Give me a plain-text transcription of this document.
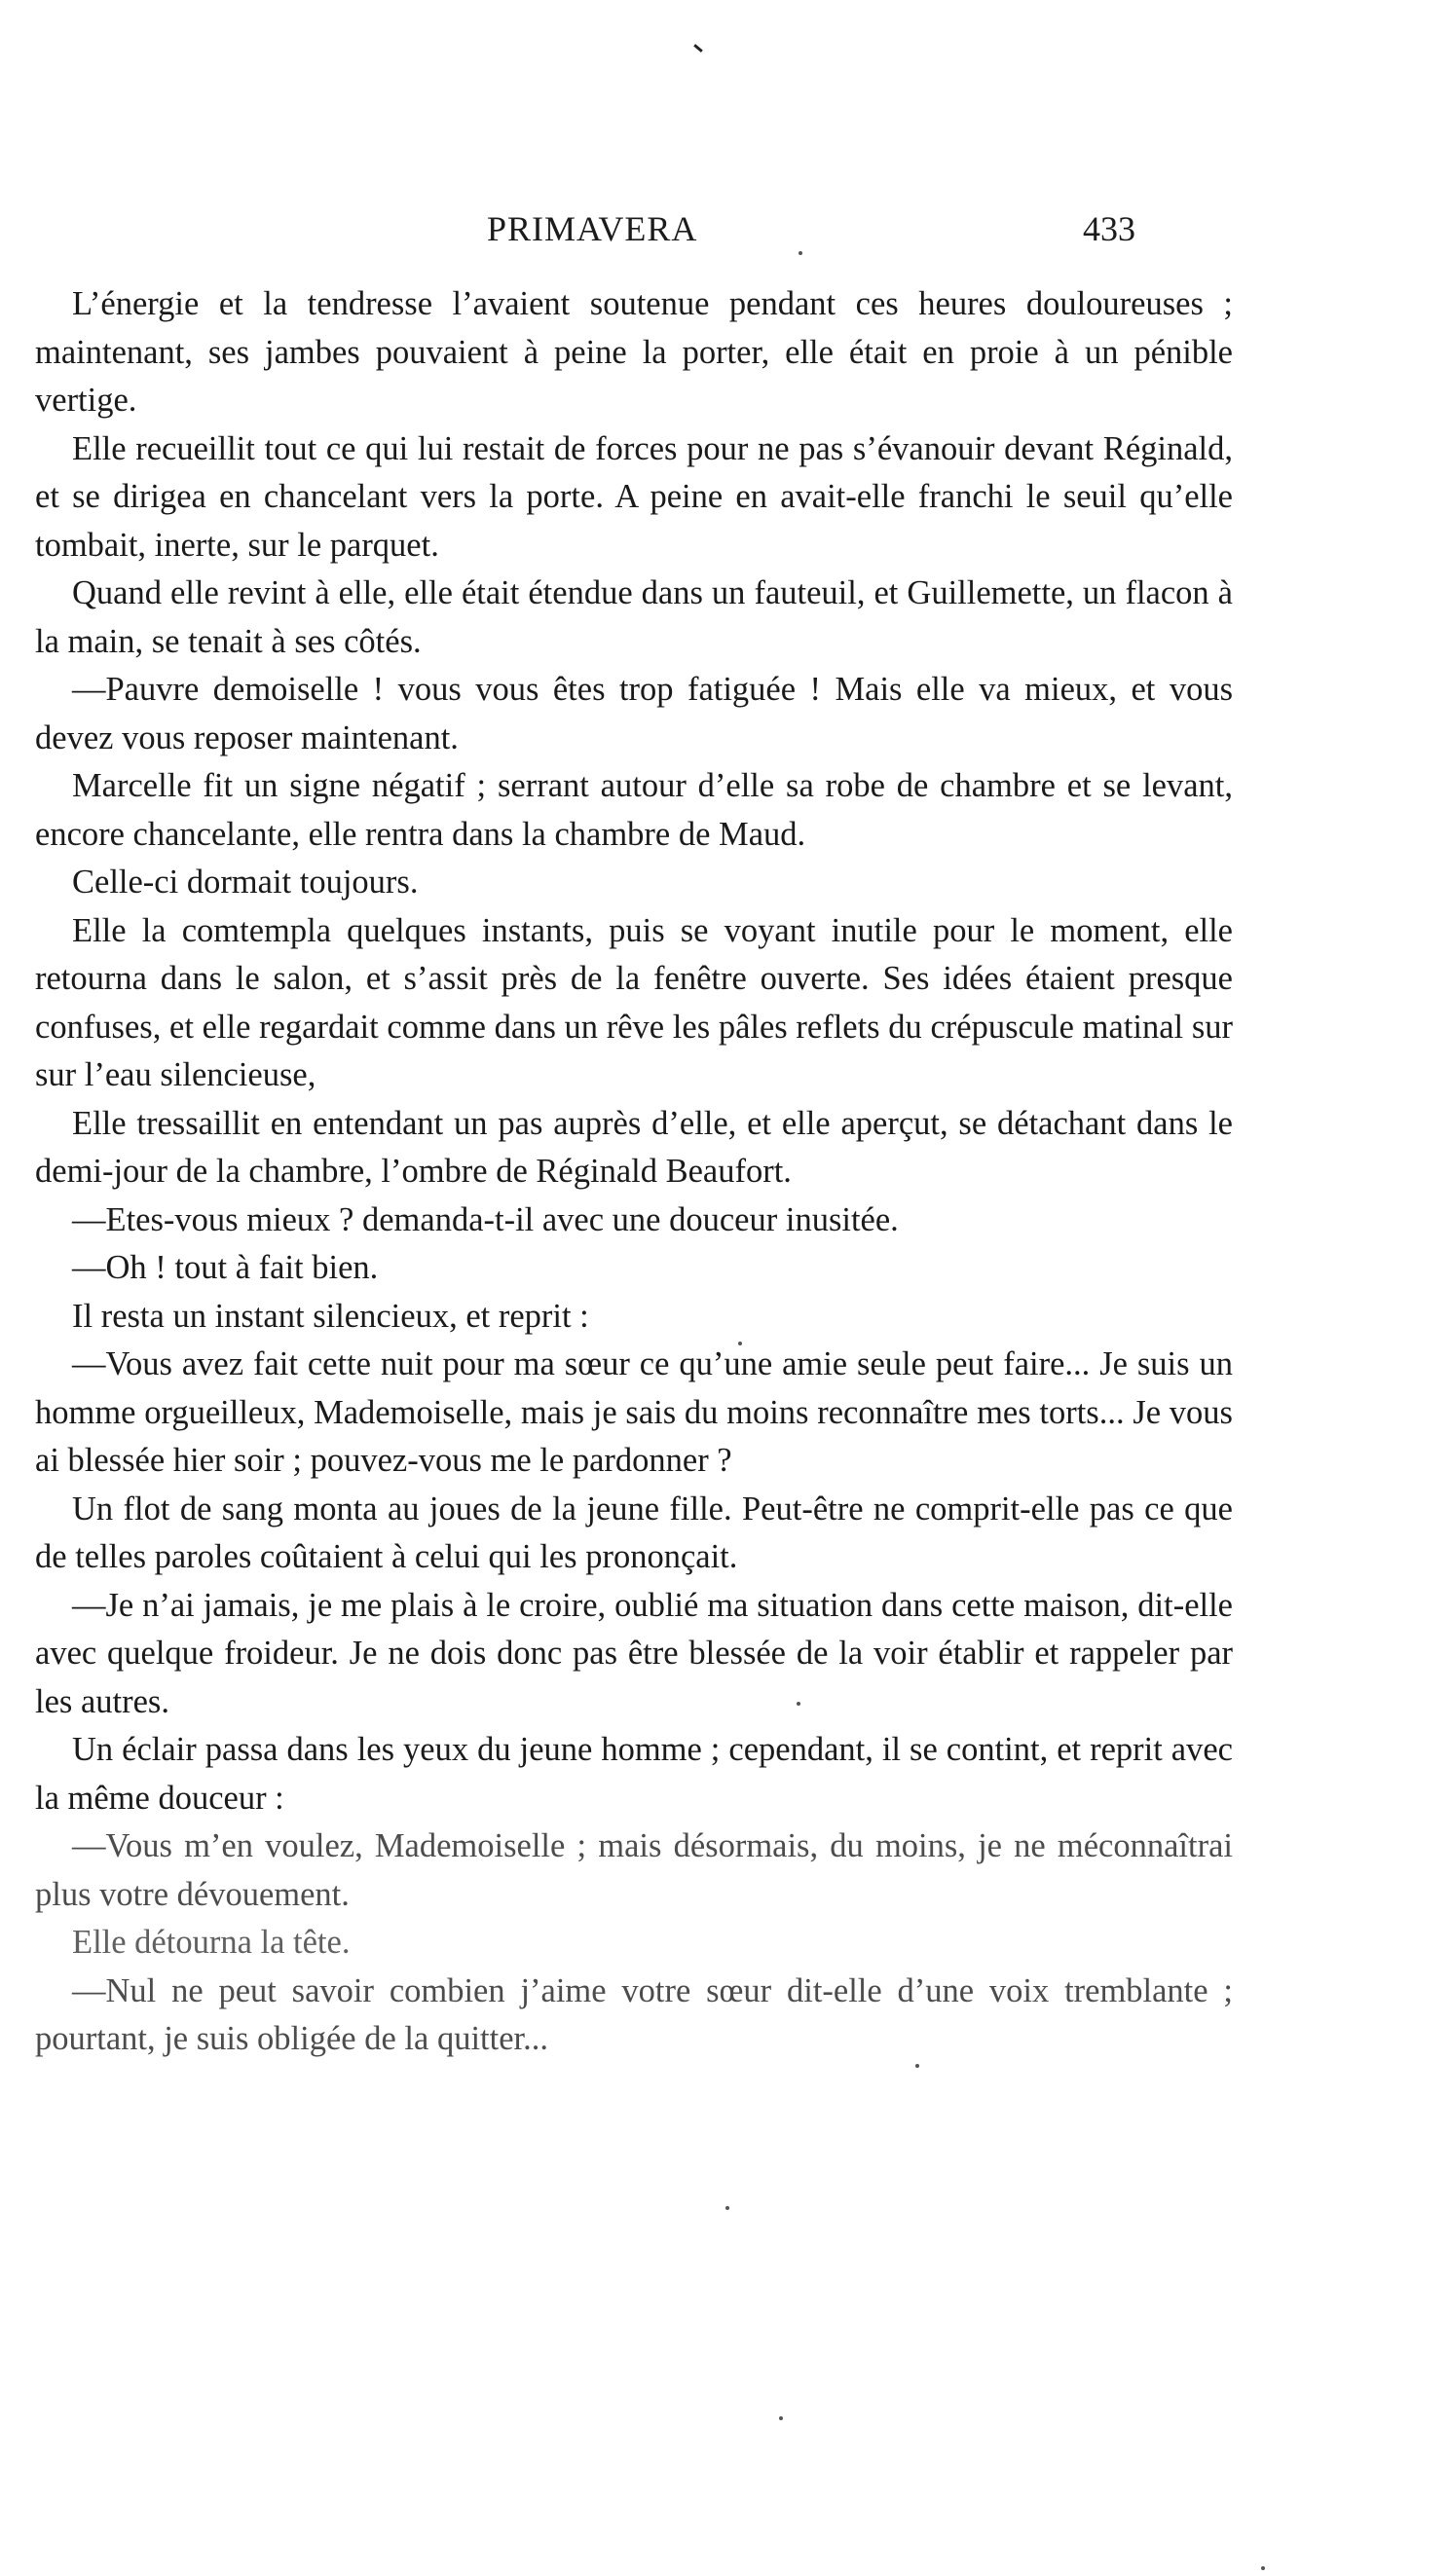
PRIMAVERA	433

L’énergie et la tendresse l’avaient soutenue pendant ces heures douloureuses ; maintenant, ses jambes pouvaient à peine la porter, elle était en proie à un pénible vertige.

Elle recueillit tout ce qui lui restait de forces pour ne pas s’évanouir devant Réginald, et se dirigea en chancelant vers la porte. A peine en avait-elle franchi le seuil qu’elle tombait, inerte, sur le parquet.

Quand elle revint à elle, elle était étendue dans un fauteuil, et Guillemette, un flacon à la main, se tenait à ses côtés.

—Pauvre demoiselle ! vous vous êtes trop fatiguée ! Mais elle va mieux, et vous devez vous reposer maintenant.

Marcelle fit un signe négatif ; serrant autour d’elle sa robe de chambre et se levant, encore chancelante, elle rentra dans la chambre de Maud.

Celle-ci dormait toujours.

Elle la comtempla quelques instants, puis se voyant inutile pour le moment, elle retourna dans le salon, et s’assit près de la fenêtre ouverte. Ses idées étaient presque confuses, et elle regardait comme dans un rêve les pâles reflets du crépuscule matinal sur sur l’eau silencieuse,

Elle tressaillit en entendant un pas auprès d’elle, et elle aperçut, se détachant dans le demi-jour de la chambre, l’ombre de Réginald Beaufort.

—Etes-vous mieux ? demanda-t-il avec une douceur inusitée.

—Oh ! tout à fait bien.

Il resta un instant silencieux, et reprit :

—Vous avez fait cette nuit pour ma sœur ce qu’une amie seule peut faire... Je suis un homme orgueilleux, Mademoiselle, mais je sais du moins reconnaître mes torts... Je vous ai blessée hier soir ; pouvez-vous me le pardonner ?

Un flot de sang monta au joues de la jeune fille. Peut-être ne comprit-elle pas ce que de telles paroles coûtaient à celui qui les prononçait.

—Je n’ai jamais, je me plais à le croire, oublié ma situation dans cette maison, dit-elle avec quelque froideur. Je ne dois donc pas être blessée de la voir établir et rappeler par les autres.

Un éclair passa dans les yeux du jeune homme ; cependant, il se contint, et reprit avec la même douceur :

—Vous m’en voulez, Mademoiselle ; mais désormais, du moins, je ne méconnaîtrai plus votre dévouement.

Elle détourna la tête.

—Nul ne peut savoir combien j’aime votre sœur dit-elle d’une voix tremblante ; pourtant, je suis obligée de la quitter...
